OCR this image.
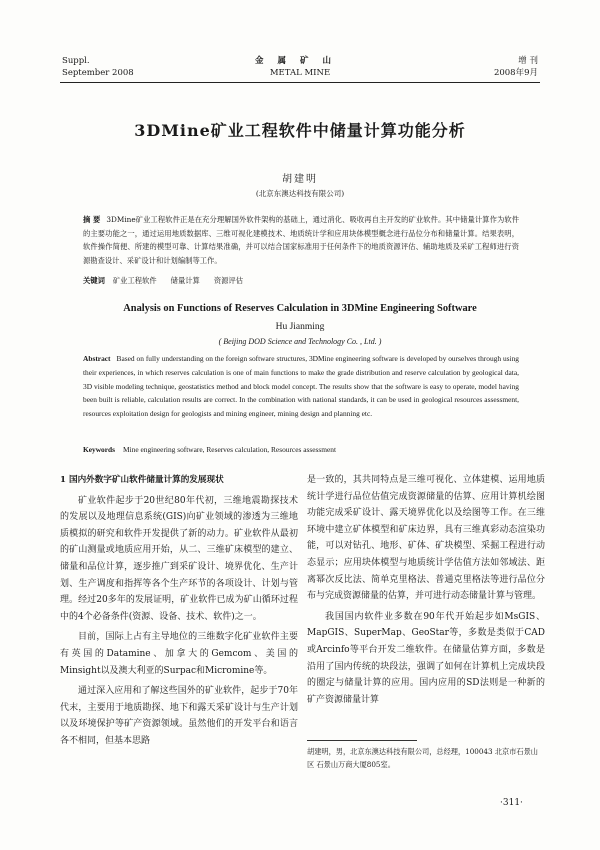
Suppl.
September 2008
金属矿山
METAL MINE
增 刊
2008年9月
3DMine矿业工程软件中储量计算功能分析
胡建明
(北京东澳达科技有限公司)
摘 要 3DMine矿业工程软件正是在充分理解国外软件架构的基础上，通过消化、吸收再自主开发的矿业软件。其中储量计算作为软件的主要功能之一，通过运用地质数据库、三维可视化建模技术、地质统计学和应用块体模型概念进行品位分布和储量计算。结果表明，软件操作简便、所建的模型可靠、计算结果准确，并可以结合国家标准用于任何条件下的地质资源评估、辅助地质及采矿工程师进行资源勘查设计、采矿设计和计划编制等工作。
关键词 矿业工程软件 储量计算 资源评估
Analysis on Functions of Reserves Calculation in 3DMine Engineering Software
Hu Jianming
( Beijing DOD Science and Technology Co. , Ltd. )
Abstract Based on fully understanding on the foreign software structures, 3DMine engineering software is developed by ourselves through using their experiences, in which reserves calculation is one of main functions to make the grade distribution and reserve calculation by geological data, 3D visible modeling technique, geostatistics method and block model concept. The results show that the software is easy to operate, model having been built is reliable, calculation results are correct. In the combination with national standards, it can be used in geological resources assessment, resources exploitation design for geologists and mining engineer, mining design and planning etc.
Keywords Mine engineering software, Reserves calculation, Resources assessment
1 国内外数字矿山软件储量计算的发展现状

矿业软件起步于20世纪80年代初，三维地震勘探技术的发展以及地理信息系统(GIS)向矿业领域的渗透为三维地质模拟的研究和软件开发提供了新的动力。矿业软件从最初的矿山测量或地质应用开始，从二、三维矿床模型的建立、储量和品位计算，逐步推广到采矿设计、境界优化、生产计划、生产调度和指挥等各个生产环节的各项设计、计划与管理。经过20多年的发展证明，矿业软件已成为矿山循环过程中的4个必备条件(资源、设备、技术、软件)之一。

目前，国际上占有主导地位的三维数字化矿业软件主要有英国的Datamine、加拿大的Gemcom、美国的Minsight以及澳大利亚的Surpac和Micromine等。

通过深入应用和了解这些国外的矿业软件，起步于70年代末，主要用于地质勘探、地下和露天采矿设计与生产计划以及环境保护等矿产资源领域。虽然他们的开发平台和语言各不相同，但基本思路

是一致的，其共同特点是三维可视化、立体建模、运用地质统计学进行品位估值完成资源储量的估算、应用计算机绘图功能完成采矿设计、露天境界优化以及绘图等工作。在三维环境中建立矿体模型和矿床边界，具有三维真彩动态渲染功能，可以对钻孔、地形、矿体、矿块模型、采掘工程进行动态显示；应用块体模型与地质统计学估值方法如邻域法、距离幂次反比法、简单克里格法、普通克里格法等进行品位分布与完成资源储量的估算，并可进行动态储量计算与管理。

我国国内软件业多数在90年代开始起步如MsGIS、MapGIS、SuperMap、GeoStar等，多数是类似于CAD或Arcinfo等平台开发二维软件。在储量估算方面，多数是沿用了国内传统的块段法，强调了如何在计算机上完成块段的圈定与储量计算的应用。国内应用的SD法则是一种新的矿产资源储量计算

胡建明，男，北京东澳达科技有限公司，总经理，100043 北京市石景山区 石景山万商大厦805室。
·311·
